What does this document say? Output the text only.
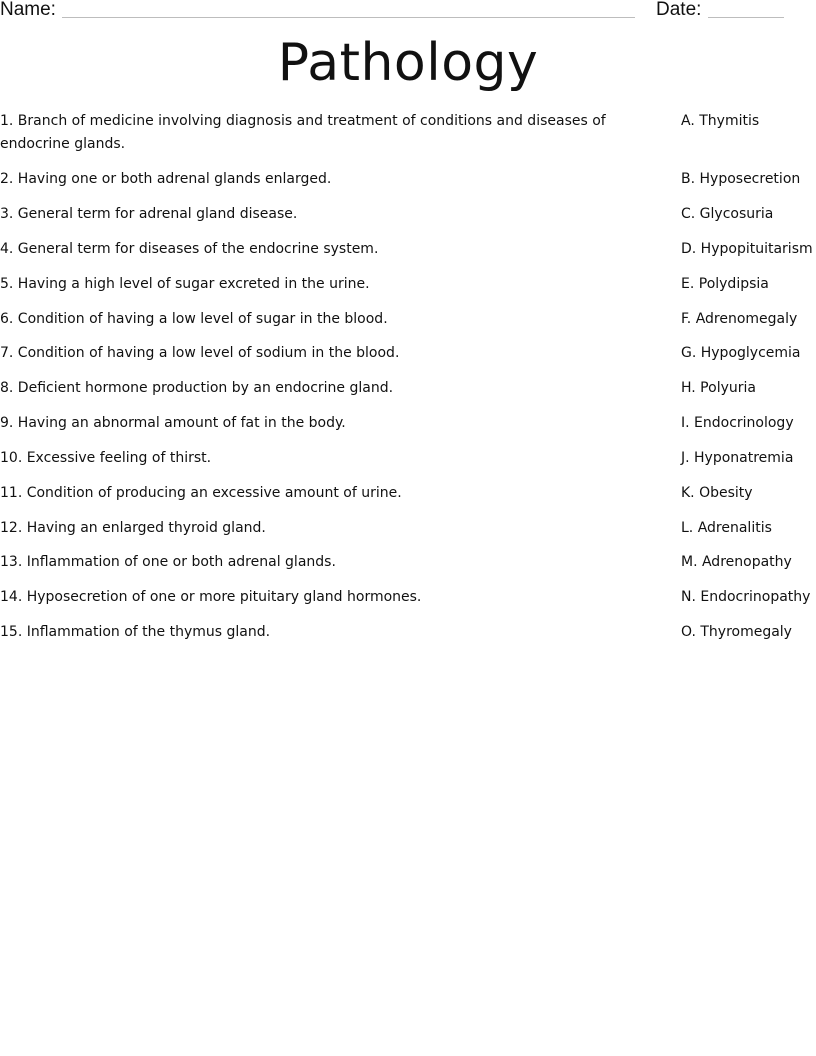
Name:	Date:
Pathology
1. Branch of medicine involving diagnosis and treatment of conditions and diseases of endocrine glands.
2. Having one or both adrenal glands enlarged.
3. General term for adrenal gland disease.
4. General term for diseases of the endocrine system.
5. Having a high level of sugar excreted in the urine.
6. Condition of having a low level of sugar in the blood.
7. Condition of having a low level of sodium in the blood.
8. Deficient hormone production by an endocrine gland.
9. Having an abnormal amount of fat in the body.
10. Excessive feeling of thirst.
11. Condition of producing an excessive amount of urine.
12. Having an enlarged thyroid gland.
13. Inflammation of one or both adrenal glands.
14. Hyposecretion of one or more pituitary gland hormones.
15. Inflammation of the thymus gland.
A. Thymitis
B. Hyposecretion
C. Glycosuria
D. Hypopituitarism
E. Polydipsia
F. Adrenomegaly
G. Hypoglycemia
H. Polyuria
I. Endocrinology
J. Hyponatremia
K. Obesity
L. Adrenalitis
M. Adrenopathy
N. Endocrinopathy
O. Thyromegaly
